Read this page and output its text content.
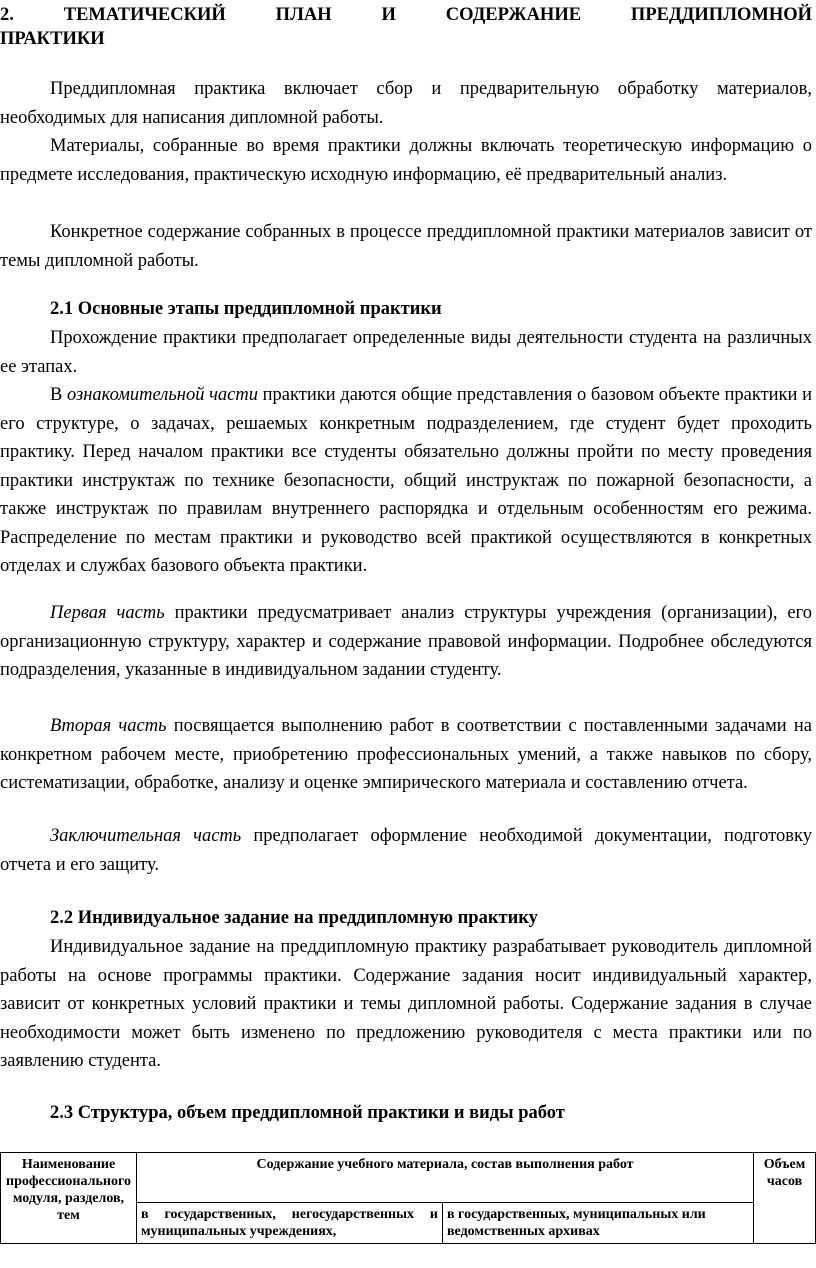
2. ТЕМАТИЧЕСКИЙ ПЛАН И СОДЕРЖАНИЕ ПРЕДДИПЛОМНОЙ

ПРАКТИКИ

Преддипломная практика включает сбор и предварительную обработку материалов, необходимых для написания дипломной работы.

Материалы, собранные во время практики должны включать теоретическую информацию о предмете исследования, практическую исходную информацию, её предварительный анализ.

Конкретное содержание собранных в процессе преддипломной практики материалов зависит от темы дипломной работы.

2.1 Основные этапы преддипломной практики

Прохождение практики предполагает определенные виды деятельности студента на различных ее этапах.

В ознакомительной части практики даются общие представления о базовом объекте практики и его структуре, о задачах, решаемых конкретным подразделением, где студент будет проходить практику. Перед началом практики все студенты обязательно должны пройти по месту проведения практики инструктаж по технике безопасности, общий инструктаж по пожарной безопасности, а также инструктаж по правилам внутреннего распорядка и отдельным особенностям его режима. Распределение по местам практики и руководство всей практикой осуществляются в конкретных отделах и службах базового объекта практики.

Первая часть практики предусматривает анализ структуры учреждения (организации), его организационную структуру, характер и содержание правовой информации. Подробнее обследуются подразделения, указанные в индивидуальном задании студенту.

Вторая часть посвящается выполнению работ в соответствии с поставленными задачами на конкретном рабочем месте, приобретению профессиональных умений, а также навыков по сбору, систематизации, обработке, анализу и оценке эмпирического материала и составлению отчета.

Заключительная часть предполагает оформление необходимой документации, подготовку отчета и его защиту.

2.2 Индивидуальное задание на преддипломную практику

Индивидуальное задание на преддипломную практику разрабатывает руководитель дипломной работы на основе программы практики. Содержание задания носит индивидуальный характер, зависит от конкретных условий практики и темы дипломной работы. Содержание задания в случае необходимости может быть изменено по предложению руководителя с места практики или по заявлению студента.

2.3 Структура, объем преддипломной практики и виды работ

Наименование профессионального модуля, разделов, тем	Содержание учебного материала, состав выполнения работ		Объем часов
	в государственных, негосударственных и муниципальных учреждениях,	в государственных, муниципальных или ведомственных архивах	
